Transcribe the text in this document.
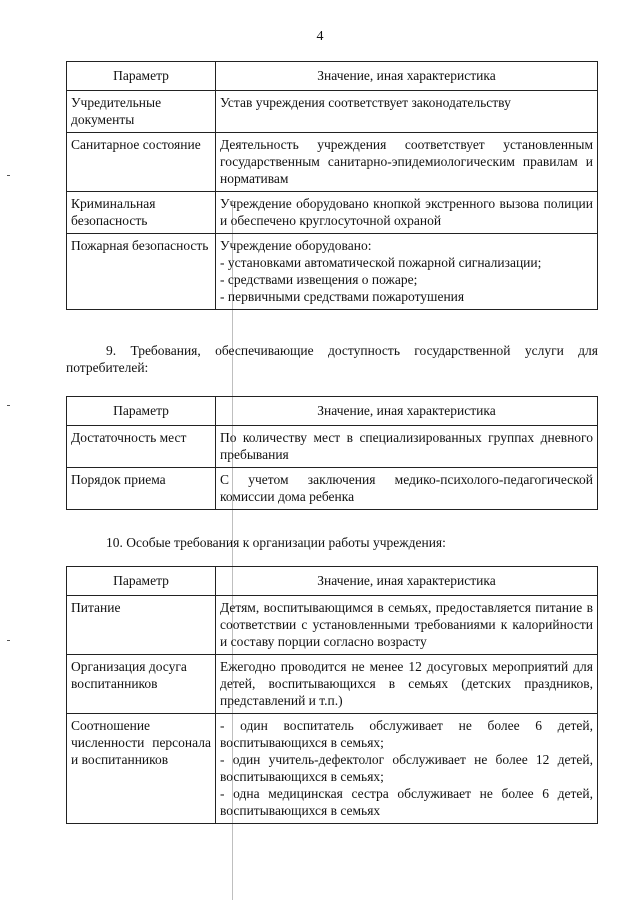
4
Параметр	Значение, иная характеристика
Учредительные документы	Устав учреждения соответствует законодательству
Санитарное состояние	Деятельность учреждения соответствует установленным государственным санитарно-эпидемиологическим правилам и нормативам
Криминальная безопасность	Учреждение оборудовано кнопкой экстренного вызова полиции и обеспечено круглосуточной охраной
Пожарная безопасность	Учреждение оборудовано:
- установками автоматической пожарной сигнализации;
- средствами извещения о пожаре;
- первичными средствами пожаротушения
9. Требования, обеспечивающие доступность государственной услуги для потребителей:
Параметр	Значение, иная характеристика
Достаточность мест	По количеству мест в специализированных группах дневного пребывания
Порядок приема	С учетом заключения медико-психолого-педагогической комиссии дома ребенка
10. Особые требования к организации работы учреждения:
Параметр	Значение, иная характеристика
Питание	Детям, воспитывающимся в семьях, предоставляется питание в соответствии с установленными требованиями к калорийности и составу порции согласно возрасту
Организация досуга воспитанников	Ежегодно проводится не менее 12 досуговых мероприятий для детей, воспитывающихся в семьях (детских праздников, представлений и т.п.)
Соотношение численности персонала и воспитанников	- один воспитатель обслуживает не более 6 детей, воспитывающихся в семьях;
- один учитель-дефектолог обслуживает не более 12 детей, воспитывающихся в семьях;
- одна медицинская сестра обслуживает не более 6 детей, воспитывающихся в семьях
